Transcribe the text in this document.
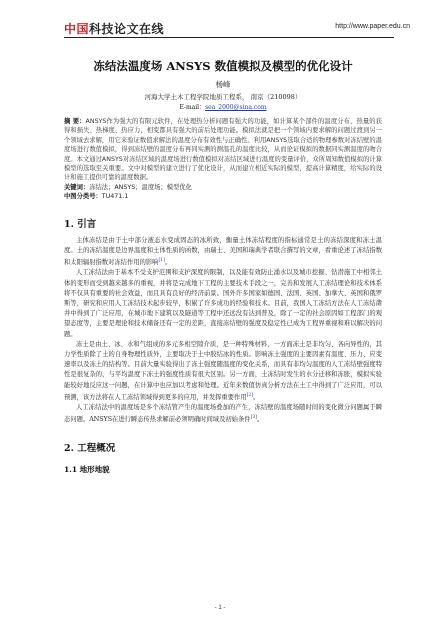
中国科技论文在线	http://www.paper.edu.cn
冻结法温度场 ANSYS 数值模拟及模型的优化设计
杨峰
河海大学土木工程学院地质工程系， 南京（210098）
E-mail：sea_2000@sina.com
摘 要：ANSYS作为强大的有限元软件，在处理热分析问题有强大的功能，如计算某个部件的温度分布，热量的获得和损失、热梯度、热应力，相变都具有强大的前后处理功能。模拟法就是把一个领域内要求解的问题过渡到另一个领域去求解，用它来验证数值求解法的温度分布有效性与正确性。利用ANSYS选取合适的物理参数对冻结壁的温度场进行数值模拟，得到冻结壁的温度分布再同实测的测温孔的温度比较，从而论证模拟的数据同实测温度的吻合度。本文通过ANSYS对冻结区域的温度场进行数值模拟对冻结区域进行温度的变量评价，众所周知数值模拟的计算模型的选取至关重要。文中对模型的建立进行了优化设计，从而建立相近实际的模型，提高计算精度，给实际的设计和施工提供可靠的温度数据。
关键词：冻结法；ANSYS；温度场；模型优化
中图分类号：TU471.1
1. 引言

主体冻结是由于土中部分液态水变成固态的冰所致，衡量土体冻结程度的指标通常是土的冻结深度和冻土温度。土的冻结温度是边界温度和土体性质的函数，由瑞士、美国和瑞典学者联合撰写的文章，看重论述了冻结指数和太阳辐射指数对冻结作用的影响[1]。

人工冻结法由于基本不受支护范围和支护深度的限制，以及能有效防止涌水以及城市挖掘、钻潜施工中相邻土体的变形而受到越来越多的重视，并将是完成地下工程的主要技术手段之一，完善和发展人工冻结理论和技术体系将不仅具有重要的社会效益，而且具有良好的经济前景。国外许多国家如德国、法国、英国、加拿大、英国和俄罗斯等，研究和应用人工冻结技术起步较早，积累了许多成功的经验和技术。目前，我国人工冻结方法在人工冻结凿井中得到了广泛应用，在城市地下建筑以及隧道等工程中还远没有达到普及，除了一定的社会原因如工程部门的观望态度等，主要是理论和技术储备还有一定的差距，直接冻结壁的强度及稳定性已成为工程界重视和难以解决的问题。

冻土是由土、冰、水和气组成的多元多相空隙介质，是一种特殊材料，一方面冻土是非均匀、各向异性的，其力学性质除了土的自身物理性质外，主要取决于土中胶结冰的性质。影响冻土强度的主要因素有温度、压力、应变速率以及冻土的结构等。目前大量实验得出了冻土强度随温度的变化关系，而具有非均匀温度的人工冻结壁强度特性是很复杂的，与平均温度下冻土的强度性质有很大区别。另一方面，土冻结时发生的水分迁移和冻胀，模拟实验能较好地反应这一问题，在计算中也应加以考虑和处理。近年来数值仿真分析方法在土工中得到了广泛应用，可以预测，该方法将在人工冻结领域得到更多的应用，并发挥重要作用[2]。

人工冻结法中的温度场是多个冻结管产生的温度场叠加的产生，冻结壁的温度场随时间的变化微分问题属于瞬态问题。ANSYS在进行瞬态传热求解前必须明确时间域及初始条件[3]。

2. 工程概况
1.1 地形地貌
- 1 -
